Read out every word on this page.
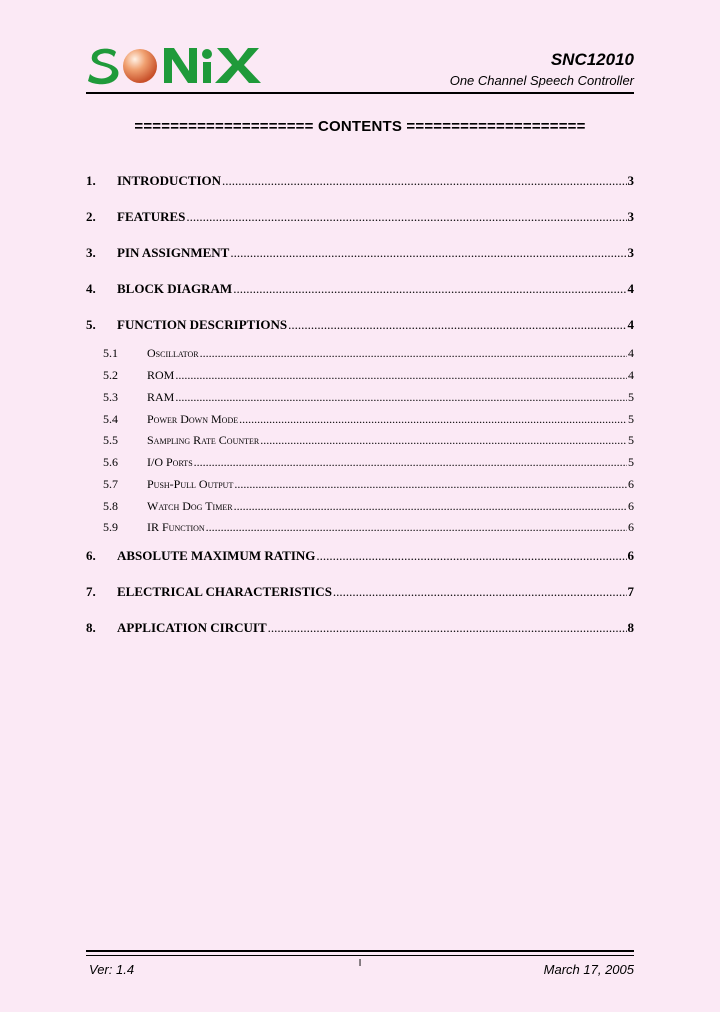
SNC12010
One Channel Speech Controller
==================== CONTENTS ====================
1.	INTRODUCTION .....	3
2.	FEATURES .....	3
3.	PIN ASSIGNMENT .....	3
4.	BLOCK DIAGRAM .....	4
5.	FUNCTION DESCRIPTIONS .....	4
5.1	Oscillator .....	4
5.2	ROM .....	4
5.3	RAM .....	5
5.4	Power Down Mode .....	5
5.5	Sampling Rate Counter .....	5
5.6	I/O Ports .....	5
5.7	Push-Pull Output .....	6
5.8	Watch Dog Timer .....	6
5.9	IR Function .....	6
6.	ABSOLUTE MAXIMUM RATING .....	6
7.	ELECTRICAL CHARACTERISTICS .....	7
8.	APPLICATION CIRCUIT .....	8
Ver: 1.4	I	March 17, 2005
